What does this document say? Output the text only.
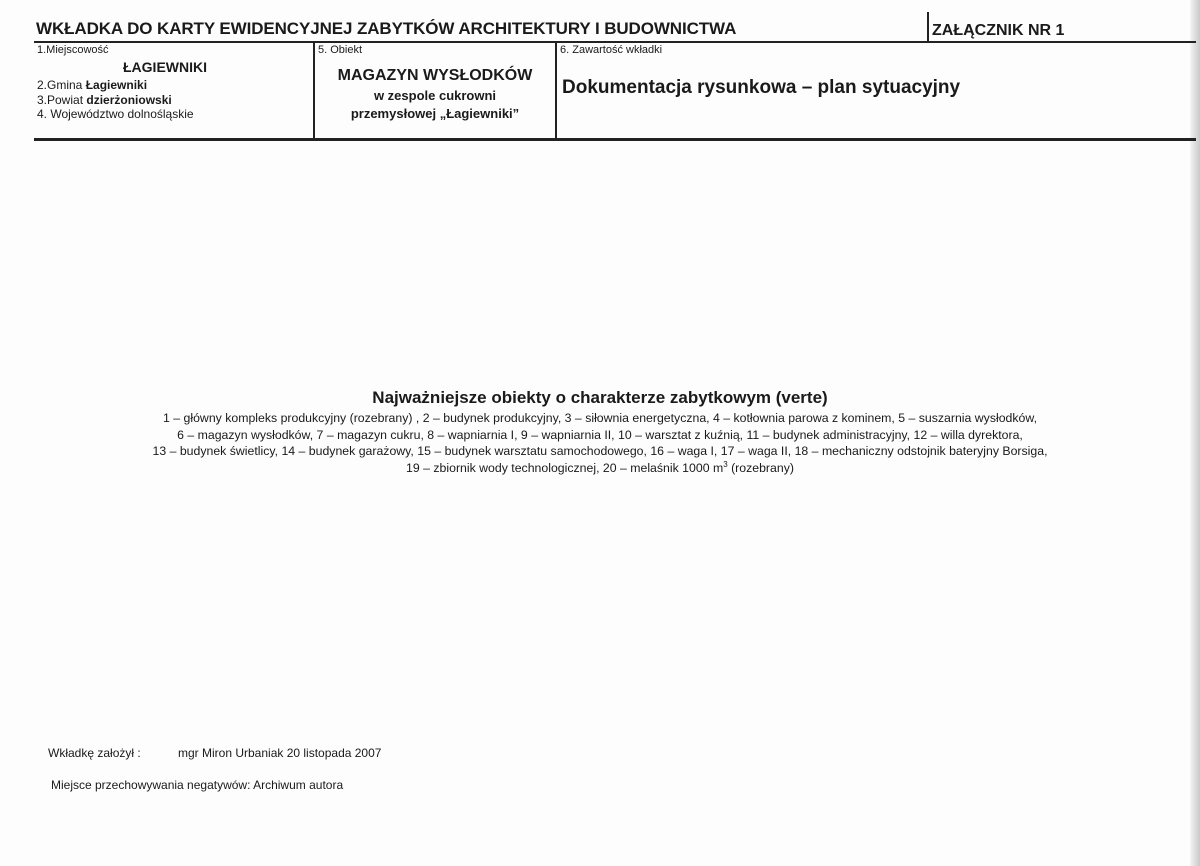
WKŁADKA DO KARTY EWIDENCYJNEJ ZABYTKÓW ARCHITEKTURY I BUDOWNICTWA	ZAŁĄCZNIK NR 1
1.Miejscowość
ŁAGIEWNIKI
2.Gmina Łagiewniki
3.Powiat dzierżoniowski
4. Województwo dolnośląskie
5. Obiekt
MAGAZYN WYSŁODKÓW
w zespole cukrowni
przemysłowej „Łagiewniki”
6. Zawartość wkładki
Dokumentacja rysunkowa – plan sytuacyjny
Najważniejsze obiekty o charakterze zabytkowym (verte)
1 – główny kompleks produkcyjny (rozebrany) , 2 – budynek produkcyjny, 3 – siłownia energetyczna, 4 – kotłownia parowa z kominem, 5 – suszarnia wysłodków,
6 – magazyn wysłodków, 7 – magazyn cukru, 8 – wapniarnia I, 9 – wapniarnia II, 10 – warsztat z kuźnią, 11 – budynek administracyjny, 12 – willa dyrektora,
13 – budynek świetlicy, 14 – budynek garażowy, 15 – budynek warsztatu samochodowego, 16 – waga I, 17 – waga II, 18 – mechaniczny odstojnik bateryjny Borsiga,
19 – zbiornik wody technologicznej, 20 – melaśnik 1000 $m^3$ (rozebrany)
Wkładkę założył :	mgr Miron Urbaniak 20 listopada 2007
Miejsce przechowywania negatywów: Archiwum autora
